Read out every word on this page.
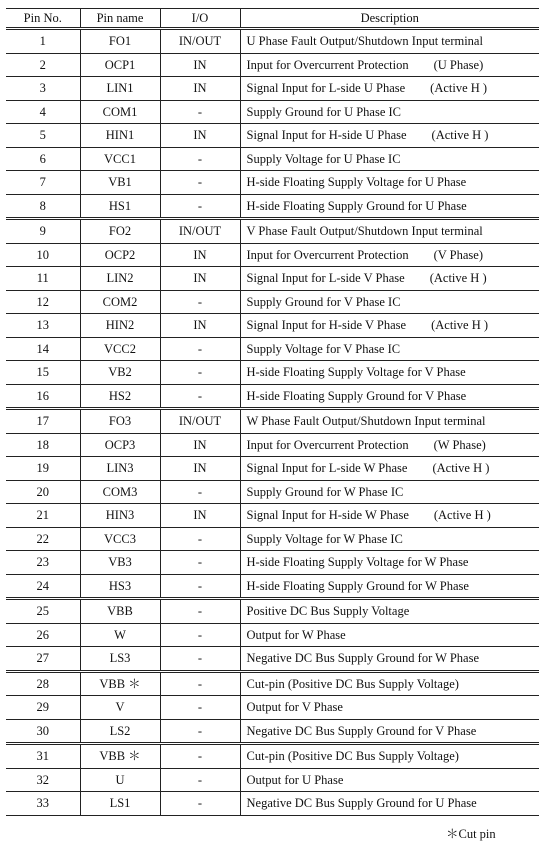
Pin No.	Pin name	I/O	Description
1	FO1	IN/OUT	U Phase Fault Output/Shutdown Input terminal
2	OCP1	IN	Input for Overcurrent Protection　　(U Phase)
3	LIN1	IN	Signal Input for L-side U Phase　　(Active H )
4	COM1	-	Supply Ground for U Phase IC
5	HIN1	IN	Signal Input for H-side U Phase　　(Active H )
6	VCC1	-	Supply Voltage for U Phase IC
7	VB1	-	H-side Floating Supply Voltage for U Phase
8	HS1	-	H-side Floating Supply Ground for U Phase
9	FO2	IN/OUT	V Phase Fault Output/Shutdown Input terminal
10	OCP2	IN	Input for Overcurrent Protection　　(V Phase)
11	LIN2	IN	Signal Input for L-side V Phase　　(Active H )
12	COM2	-	Supply Ground for V Phase IC
13	HIN2	IN	Signal Input for H-side V Phase　　(Active H )
14	VCC2	-	Supply Voltage for V Phase IC
15	VB2	-	H-side Floating Supply Voltage for V Phase
16	HS2	-	H-side Floating Supply Ground for V Phase
17	FO3	IN/OUT	W Phase Fault Output/Shutdown Input terminal
18	OCP3	IN	Input for Overcurrent Protection　　(W Phase)
19	LIN3	IN	Signal Input for L-side W Phase　　(Active H )
20	COM3	-	Supply Ground for W Phase IC
21	HIN3	IN	Signal Input for H-side W Phase　　(Active H )
22	VCC3	-	Supply Voltage for W Phase IC
23	VB3	-	H-side Floating Supply Voltage for W Phase
24	HS3	-	H-side Floating Supply Ground for W Phase
25	VBB	-	Positive DC Bus Supply Voltage
26	W	-	Output for W Phase
27	LS3	-	Negative DC Bus Supply Ground for W Phase
28	VBB ＊	-	Cut-pin (Positive DC Bus Supply Voltage)
29	V	-	Output for V Phase
30	LS2	-	Negative DC Bus Supply Ground for V Phase
31	VBB ＊	-	Cut-pin (Positive DC Bus Supply Voltage)
32	U	-	Output for U Phase
33	LS1	-	Negative DC Bus Supply Ground for U Phase
＊Cut pin
